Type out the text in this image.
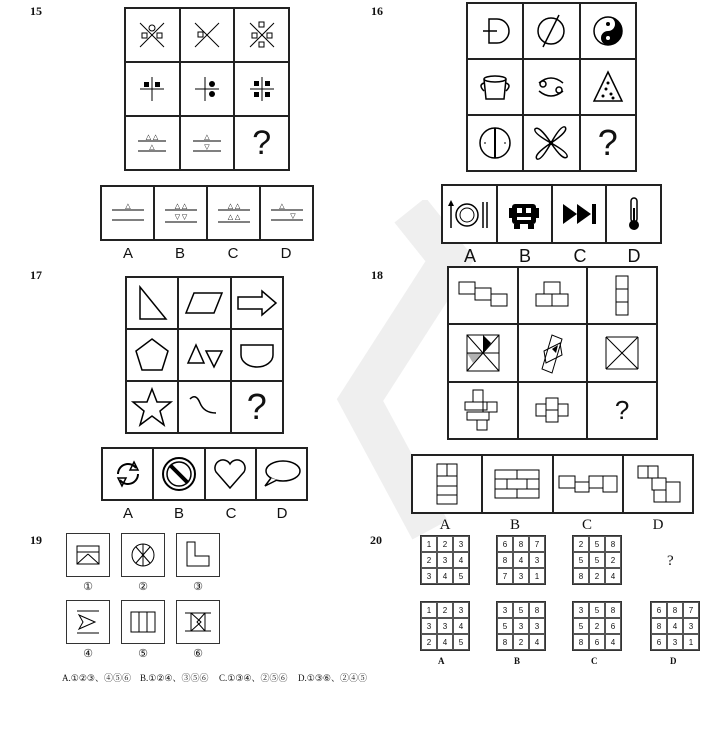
15
△ △
△
△
▽ ?
△	△ △
▽ ▽
△ △
△ △
△
▽
A	B	C	D
16
?
A	B	C	D
17
?
A	B	C	D
18
?
A	B	C	D
19
①	②	③
④	⑤	⑥
A.①②③、④⑤⑥ B.①②④、③⑤⑥ C.①③④、②⑤⑥ D.①③⑥、②④⑤
20	1	2	3
2	3	4
3	4	5
6	8	7
8	4	3
7	3	1
2	5	8
5	5	2
8	2	4
?
1	2	3
3	3	4
2	4	5
3	5	8
5	3	3
8	2	4
3	5	8
5	2	6
8	6	4
6	8	7
8	4	3
6	3	1
A	B	C	D
